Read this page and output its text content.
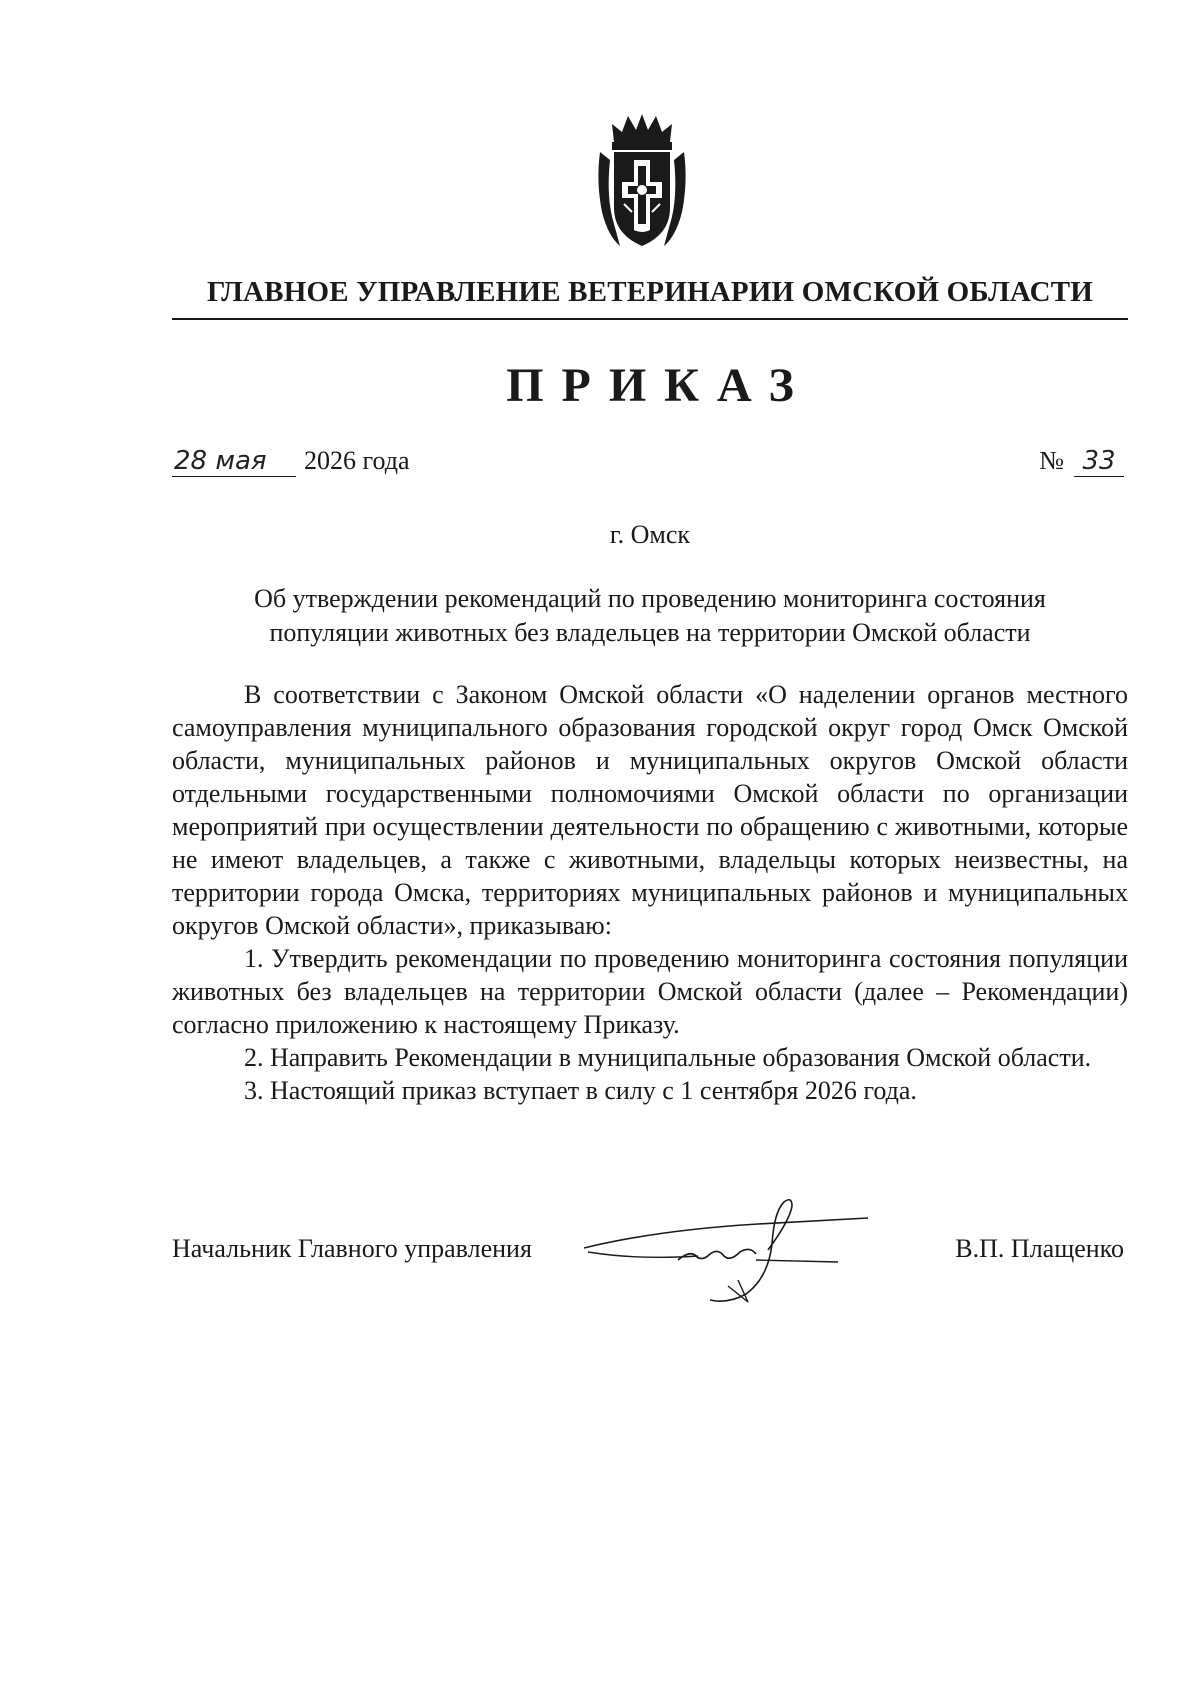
ГЛАВНОЕ УПРАВЛЕНИЕ ВЕТЕРИНАРИИ ОМСКОЙ ОБЛАСТИ
ПРИКАЗ
28 мая	2026 года	№ 33
г. Омск
Об утверждении рекомендаций по проведению мониторинга состояния
популяции животных без владельцев на территории Омской области

В соответствии с Законом Омской области «О наделении органов местного самоуправления муниципального образования городской округ город Омск Омской области, муниципальных районов и муниципальных округов Омской области отдельными государственными полномочиями Омской области по организации мероприятий при осуществлении деятельности по обращению с животными, которые не имеют владельцев, а также с животными, владельцы которых неизвестны, на территории города Омска, территориях муниципальных районов и муниципальных округов Омской области», приказываю:

1. Утвердить рекомендации по проведению мониторинга состояния популяции животных без владельцев на территории Омской области (далее – Рекомендации) согласно приложению к настоящему Приказу.

2. Направить Рекомендации в муниципальные образования Омской области.

3. Настоящий приказ вступает в силу с 1 сентября 2026 года.

Начальник Главного управления	В.П. Плащенко
